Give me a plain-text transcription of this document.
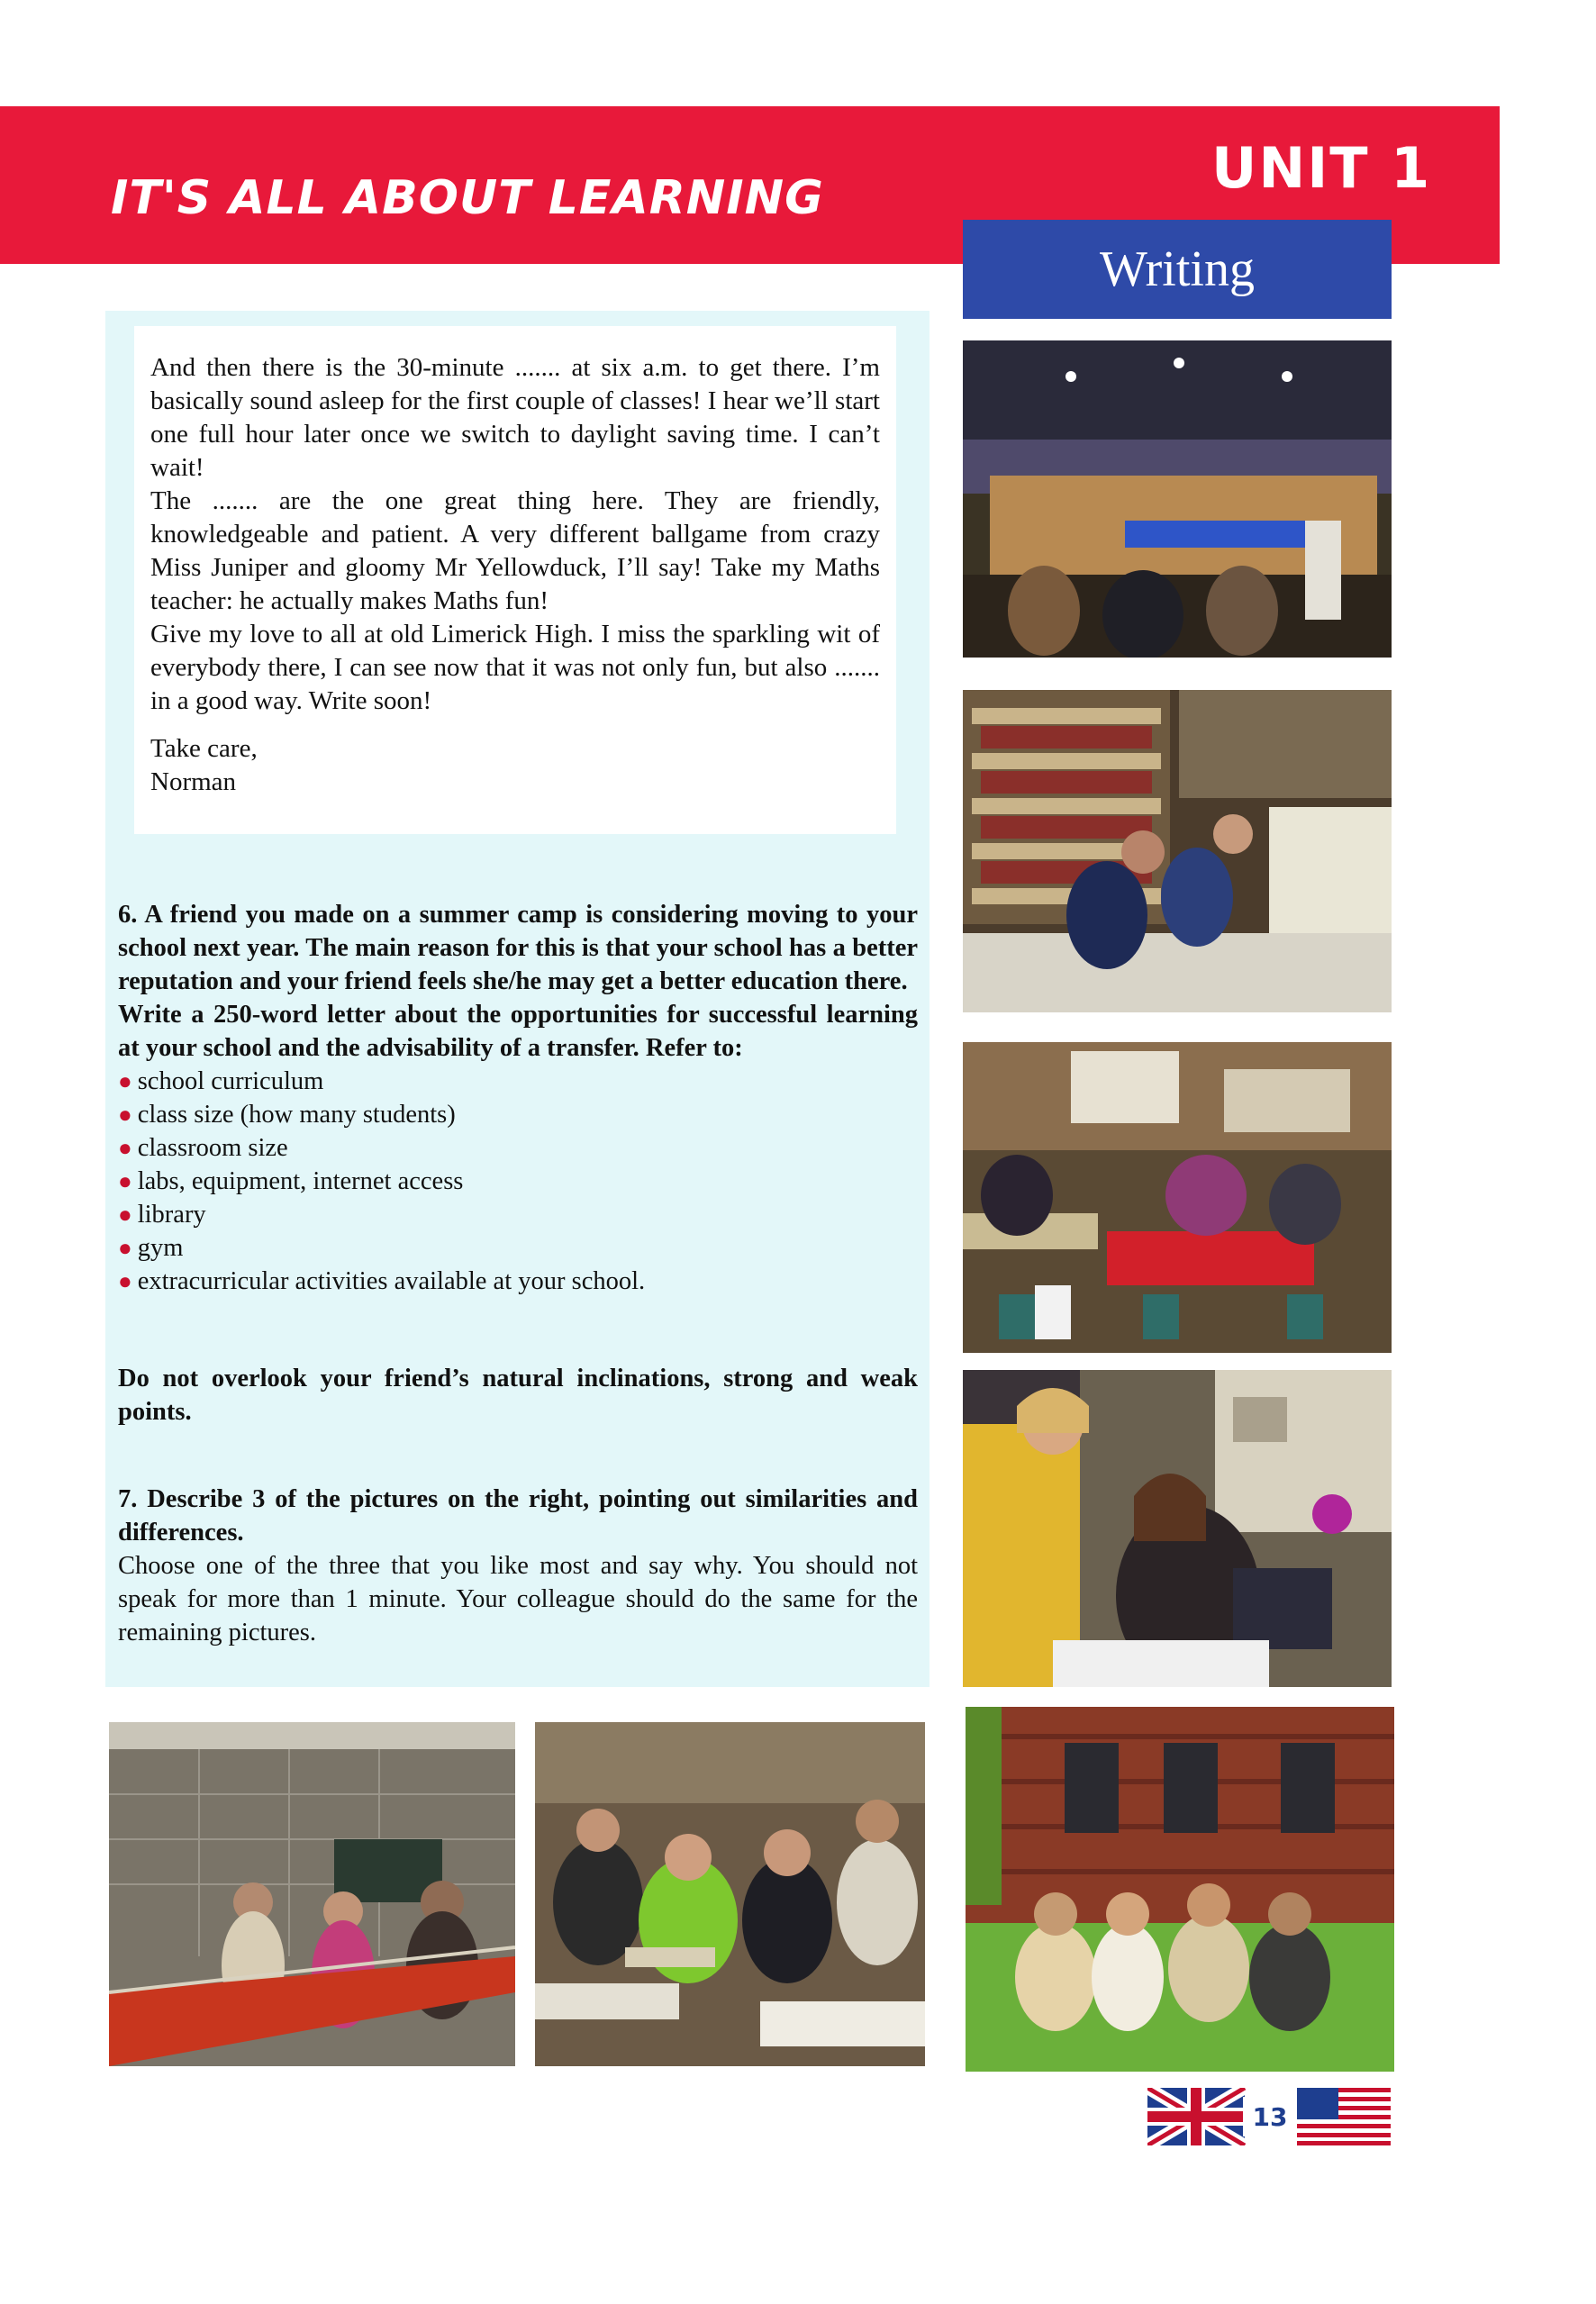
IT'S ALL ABOUT LEARNING	UNIT 1
Writing

And then there is the 30-minute ....... at six a.m. to get there. I’m basically sound asleep for the first couple of classes! I hear we’ll start one full hour later once we switch to daylight saving time. I can’t wait!

The ....... are the one great thing here. They are friendly, knowledgeable and patient. A very different ballgame from crazy Miss Juniper and gloomy Mr Yellowduck, I’ll say! Take my Maths teacher: he actually makes Maths fun!

Give my love to all at old Limerick High. I miss the sparkling wit of everybody there, I can see now that it was not only fun, but also ....... in a good way. Write soon!

Take care,

Norman

6. A friend you made on a summer camp is considering moving to your school next year. The main reason for this is that your school has a better reputation and your friend feels she/he may get a better education there.

Write a 250-word letter about the opportunities for successful learning at your school and the advisability of a transfer. Refer to:

● school curriculum
● class size (how many students)
● classroom size
● labs, equipment, internet access
● library
● gym
● extracurricular activities available at your school.
Do not overlook your friend’s natural inclinations, strong and weak points.

7. Describe 3 of the pictures on the right, pointing out similarities and differences.

Choose one of the three that you like most and say why. You should not speak for more than 1 minute. Your colleague should do the same for the remaining pictures.

13
